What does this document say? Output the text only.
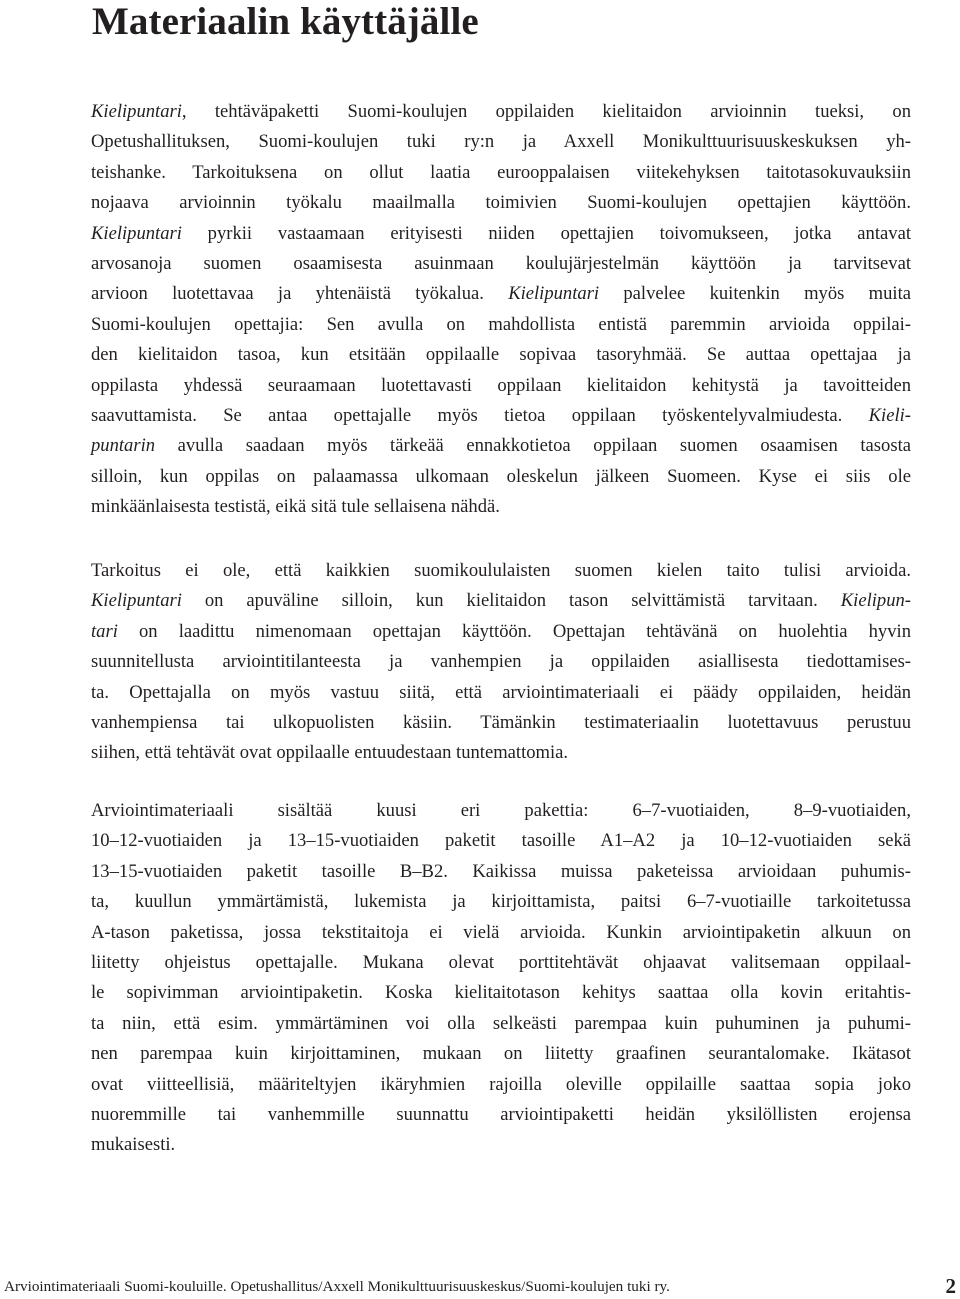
Materiaalin käyttäjälle
Kielipuntari, tehtäväpaketti Suomi-koulujen oppilaiden kielitaidon arvioinnin tueksi, on
Opetushallituksen, Suomi-koulujen tuki ry:n ja Axxell Monikulttuurisuuskeskuksen yh-
teishanke. Tarkoituksena on ollut laatia eurooppalaisen viitekehyksen taitotasokuvauksiin
nojaava arvioinnin työkalu maailmalla toimivien Suomi-koulujen opettajien käyttöön.
Kielipuntari pyrkii vastaamaan erityisesti niiden opettajien toivomukseen, jotka antavat
arvosanoja suomen osaamisesta asuinmaan koulujärjestelmän käyttöön ja tarvitsevat
arvioon luotettavaa ja yhtenäistä työkalua. Kielipuntari palvelee kuitenkin myös muita
Suomi-koulujen opettajia: Sen avulla on mahdollista entistä paremmin arvioida oppilai-
den kielitaidon tasoa, kun etsitään oppilaalle sopivaa tasoryhmää. Se auttaa opettajaa ja
oppilasta yhdessä seuraamaan luotettavasti oppilaan kielitaidon kehitystä ja tavoitteiden
saavuttamista. Se antaa opettajalle myös tietoa oppilaan työskentelyvalmiudesta. Kieli-
puntarin avulla saadaan myös tärkeää ennakkotietoa oppilaan suomen osaamisen tasosta
silloin, kun oppilas on palaamassa ulkomaan oleskelun jälkeen Suomeen. Kyse ei siis ole
minkäänlaisesta testistä, eikä sitä tule sellaisena nähdä.
Tarkoitus ei ole, että kaikkien suomikoululaisten suomen kielen taito tulisi arvioida.
Kielipuntari on apuväline silloin, kun kielitaidon tason selvittämistä tarvitaan. Kielipun-
tari on laadittu nimenomaan opettajan käyttöön. Opettajan tehtävänä on huolehtia hyvin
suunnitellusta arviointitilanteesta ja vanhempien ja oppilaiden asiallisesta tiedottamises-
ta. Opettajalla on myös vastuu siitä, että arviointimateriaali ei päädy oppilaiden, heidän
vanhempiensa tai ulkopuolisten käsiin. Tämänkin testimateriaalin luotettavuus perustuu
siihen, että tehtävät ovat oppilaalle entuudestaan tuntemattomia.
Arviointimateriaali sisältää kuusi eri pakettia: 6–7-vuotiaiden, 8–9-vuotiaiden,
10–12-vuotiaiden ja 13–15-vuotiaiden paketit tasoille A1–A2 ja 10–12-vuotiaiden sekä
13–15-vuotiaiden paketit tasoille B–B2. Kaikissa muissa paketeissa arvioidaan puhumis-
ta, kuullun ymmärtämistä, lukemista ja kirjoittamista, paitsi 6–7-vuotiaille tarkoitetussa
A-tason paketissa, jossa tekstitaitoja ei vielä arvioida. Kunkin arviointipaketin alkuun on
liitetty ohjeistus opettajalle. Mukana olevat porttitehtävät ohjaavat valitsemaan oppilaal-
le sopivimman arviointipaketin. Koska kielitaitotason kehitys saattaa olla kovin eritahtis-
ta niin, että esim. ymmärtäminen voi olla selkeästi parempaa kuin puhuminen ja puhumi-
nen parempaa kuin kirjoittaminen, mukaan on liitetty graafinen seurantalomake. Ikätasot
ovat viitteellisiä, määriteltyjen ikäryhmien rajoilla oleville oppilaille saattaa sopia joko
nuoremmille tai vanhemmille suunnattu arviointipaketti heidän yksilöllisten erojensa
mukaisesti.
Arviointimateriaali Suomi-kouluille. Opetushallitus/Axxell Monikulttuurisuuskeskus/Suomi-koulujen tuki ry.	2
